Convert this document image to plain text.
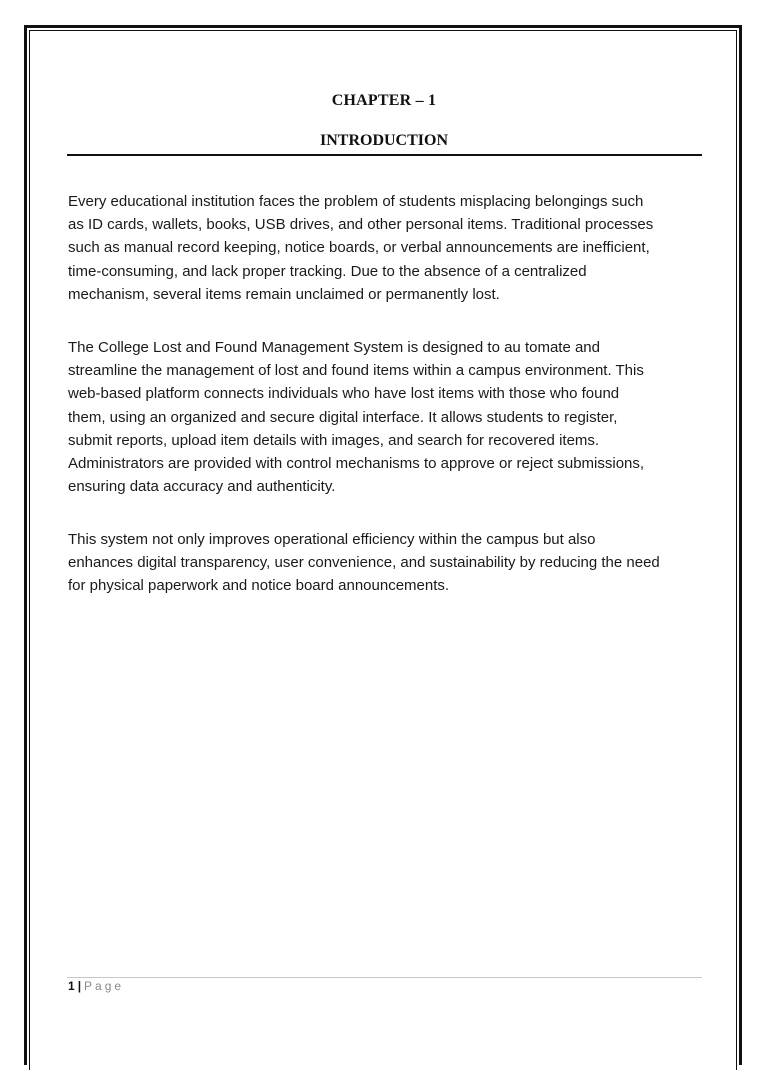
CHAPTER – 1
INTRODUCTION

Every educational institution faces the problem of students misplacing belongings such
as ID cards, wallets, books, USB drives, and other personal items. Traditional processes
such as manual record keeping, notice boards, or verbal announcements are inefficient,
time-consuming, and lack proper tracking. Due to the absence of a centralized
mechanism, several items remain unclaimed or permanently lost.

The College Lost and Found Management System is designed to au tomate and
streamline the management of lost and found items within a campus environment. This
web-based platform connects individuals who have lost items with those who found
them, using an organized and secure digital interface. It allows students to register,
submit reports, upload item details with images, and search for recovered items.
Administrators are provided with control mechanisms to approve or reject submissions,
ensuring data accuracy and authenticity.

This system not only improves operational efficiency within the campus but also
enhances digital transparency, user convenience, and sustainability by reducing the need
for physical paperwork and notice board announcements.

1 | Page
